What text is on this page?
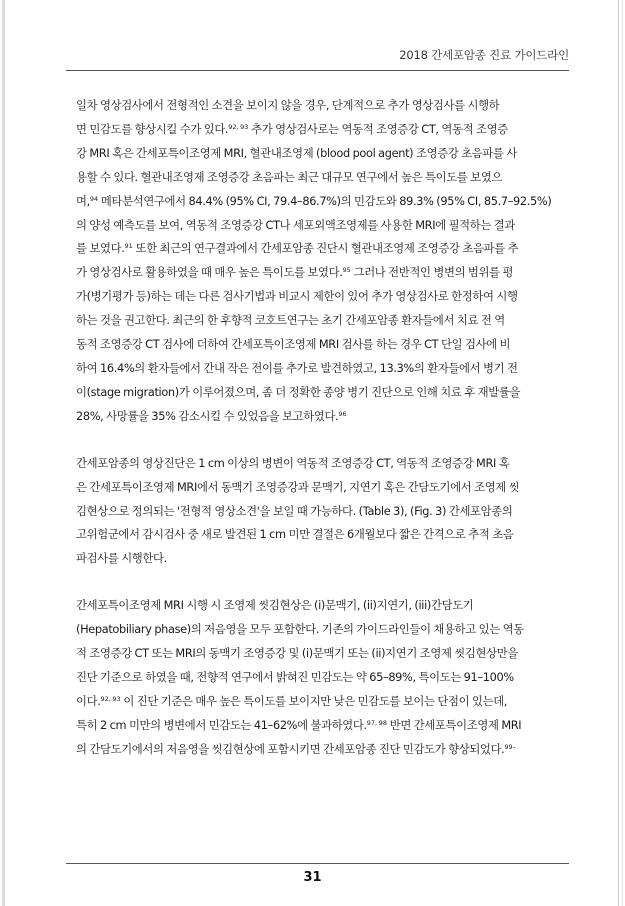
2018 간세포암종 진료 가이드라인
일차 영상검사에서 전형적인 소견을 보이지 않을 경우, 단계적으로 추가 영상검사를 시행하
면 민감도를 향상시킬 수가 있다.$^{92, 93}$ 추가 영상검사로는 역동적 조영증강 CT, 역동적 조영증
강 MRI 혹은 간세포특이조영제 MRI, 혈관내조영제 (blood pool agent) 조영증강 초음파를 사
용할 수 있다. 혈관내조영제 조영증강 초음파는 최근 대규모 연구에서 높은 특이도를 보였으
며,$^{94}$ 메타분석연구에서 84.4% (95% CI, 79.4–86.7%)의 민감도와 89.3% (95% CI, 85.7–92.5%)
의 양성 예측도를 보여, 역동적 조영증강 CT나 세포외액조영제를 사용한 MRI에 필적하는 결과
를 보였다.$^{91}$ 또한 최근의 연구결과에서 간세포암종 진단시 혈관내조영제 조영증강 초음파를 추
가 영상검사로 활용하였을 때 매우 높은 특이도를 보였다.$^{95}$ 그러나 전반적인 병변의 범위를 평
가(병기평가 등)하는 데는 다른 검사기법과 비교시 제한이 있어 추가 영상검사로 한정하여 시행
하는 것을 권고한다. 최근의 한 후향적 코호트연구는 초기 간세포암종 환자들에서 치료 전 역
동적 조영증강 CT 검사에 더하여 간세포특이조영제 MRI 검사를 하는 경우 CT 단일 검사에 비
하여 16.4%의 환자들에서 간내 작은 전이를 추가로 발견하였고, 13.3%의 환자들에서 병기 전
이(stage migration)가 이루어졌으며, 좀 더 정확한 종양 병기 진단으로 인해 치료 후 재발률을
28%, 사망률을 35% 감소시킬 수 있었음을 보고하였다.$^{96}$
간세포암종의 영상진단은 1 cm 이상의 병변이 역동적 조영증강 CT, 역동적 조영증강 MRI 혹
은 간세포특이조영제 MRI에서 동맥기 조영증강과 문맥기, 지연기 혹은 간담도기에서 조영제 씻
김현상으로 정의되는 '전형적 영상소견'을 보일 때 가능하다. (Table 3), (Fig. 3) 간세포암종의
고위험군에서 감시검사 중 새로 발견된 1 cm 미만 결절은 6개월보다 짧은 간격으로 추적 초음
파검사를 시행한다.
간세포특이조영제 MRI 시행 시 조영제 씻김현상은 (i)문맥기, (ii)지연기, (iii)간담도기
(Hepatobiliary phase)의 저음영을 모두 포함한다. 기존의 가이드라인들이 채용하고 있는 역동
적 조영증강 CT 또는 MRI의 동맥기 조영증강 및 (i)문맥기 또는 (ii)지연기 조영제 씻김현상만을
진단 기준으로 하였을 때, 전향적 연구에서 밝혀진 민감도는 약 65–89%, 특이도는 91–100%
이다.$^{92, 93}$ 이 진단 기준은 매우 높은 특이도를 보이지만 낮은 민감도를 보이는 단점이 있는데,
특히 2 cm 미만의 병변에서 민감도는 41–62%에 불과하였다.$^{97, 98}$ 반면 간세포특이조영제 MRI
의 간담도기에서의 저음영을 씻김현상에 포함시키면 간세포암종 진단 민감도가 향상되었다.$^{99-}$
31
